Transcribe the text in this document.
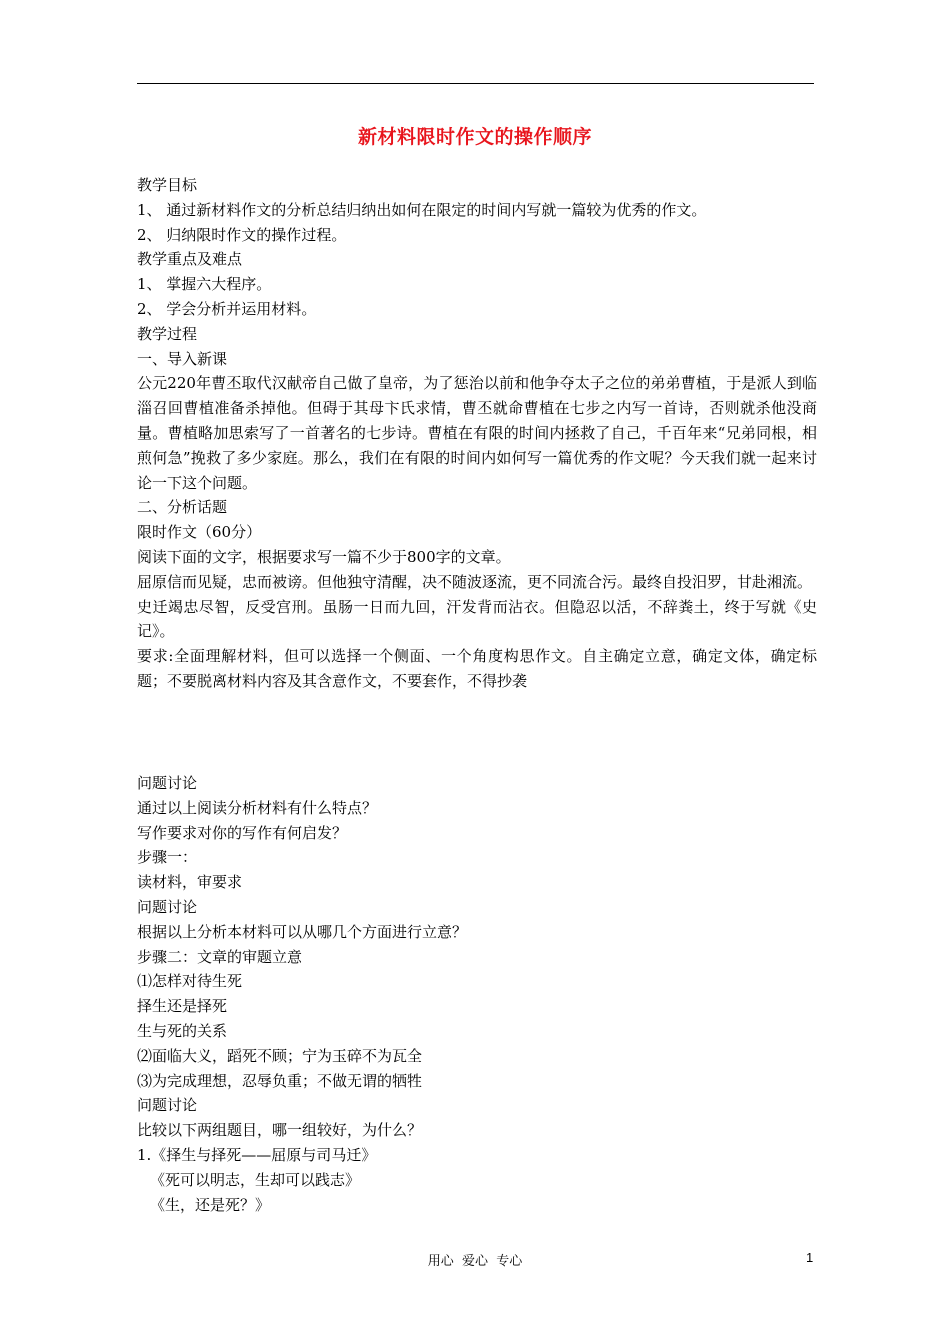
新材料限时作文的操作顺序
教学目标
1、 通过新材料作文的分析总结归纳出如何在限定的时间内写就一篇较为优秀的作文。
2、 归纳限时作文的操作过程。
教学重点及难点
1、 掌握六大程序。
2、 学会分析并运用材料。
教学过程
一、导入新课
公元220年曹丕取代汉献帝自己做了皇帝，为了惩治以前和他争夺太子之位的弟弟曹植，于是派人到临淄召回曹植准备杀掉他。但碍于其母卞氏求情，曹丕就命曹植在七步之内写一首诗，否则就杀他没商量。曹植略加思索写了一首著名的七步诗。曹植在有限的时间内拯救了自己，千百年来“兄弟同根，相煎何急”挽救了多少家庭。那么，我们在有限的时间内如何写一篇优秀的作文呢？今天我们就一起来讨论一下这个问题。
二、分析话题
限时作文（60分）
阅读下面的文字，根据要求写一篇不少于800字的文章。
屈原信而见疑，忠而被谤。但他独守清醒，决不随波逐流，更不同流合污。最终自投汨罗，甘赴湘流。
史迁竭忠尽智，反受宫刑。虽肠一日而九回，汗发背而沾衣。但隐忍以活，不辞粪土，终于写就《史记》。
要求:全面理解材料，但可以选择一个侧面、一个角度构思作文。自主确定立意，确定文体，确定标题；不要脱离材料内容及其含意作文，不要套作，不得抄袭
问题讨论
通过以上阅读分析材料有什么特点？
写作要求对你的写作有何启发？
步骤一：
读材料，审要求
问题讨论
根据以上分析本材料可以从哪几个方面进行立意？
步骤二：文章的审题立意
⑴怎样对待生死
择生还是择死
生与死的关系
⑵面临大义，蹈死不顾；宁为玉碎不为瓦全
⑶为完成理想，忍辱负重；不做无谓的牺牲
问题讨论
比较以下两组题目，哪一组较好，为什么？
1.《择生与择死——屈原与司马迁》
《死可以明志，生却可以践志》
《生，还是死？》
用心  爱心  专心	1
